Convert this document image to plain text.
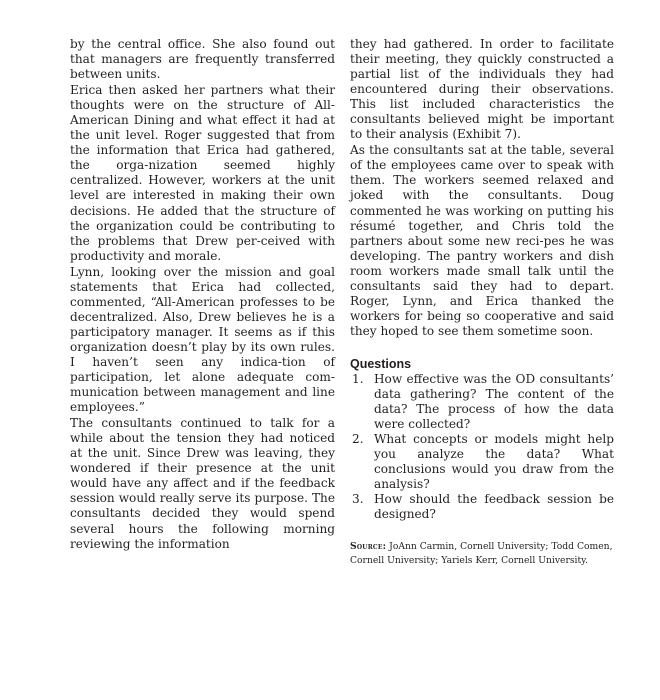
by the central office. She also found out that managers are frequently transferred between units.

Erica then asked her partners what their thoughts were on the structure of All-American Dining and what effect it had at the unit level. Roger suggested that from the information that Erica had gathered, the orga-nization seemed highly centralized. However, workers at the unit level are interested in making their own decisions. He added that the structure of the organization could be contributing to the problems that Drew per-ceived with productivity and morale.

Lynn, looking over the mission and goal statements that Erica had collected, commented, “All-American professes to be decentralized. Also, Drew believes he is a participatory manager. It seems as if this organization doesn’t play by its own rules. I haven’t seen any indica-tion of participation, let alone adequate com-munication between management and line employees.”

The consultants continued to talk for a while about the tension they had noticed at the unit. Since Drew was leaving, they wondered if their presence at the unit would have any affect and if the feedback session would really serve its purpose. The consultants decided they would spend several hours the following morning reviewing the information

they had gathered. In order to facilitate their meeting, they quickly constructed a partial list of the individuals they had encountered during their observations. This list included characteristics the consultants believed might be important to their analysis (Exhibit 7).

As the consultants sat at the table, several of the employees came over to speak with them. The workers seemed relaxed and joked with the consultants. Doug commented he was working on putting his résumé together, and Chris told the partners about some new reci-pes he was developing. The pantry workers and dish room workers made small talk until the consultants said they had to depart. Roger, Lynn, and Erica thanked the workers for being so cooperative and said they hoped to see them sometime soon.

Questions
1. How effective was the OD consultants’ data gathering? The content of the data? The process of how the data were collected?
2. What concepts or models might help you analyze the data? What conclusions would you draw from the analysis?
3. How should the feedback session be designed?
Source: JoAnn Carmin, Cornell University; Todd Comen, Cornell University; Yariels Kerr, Cornell University.
